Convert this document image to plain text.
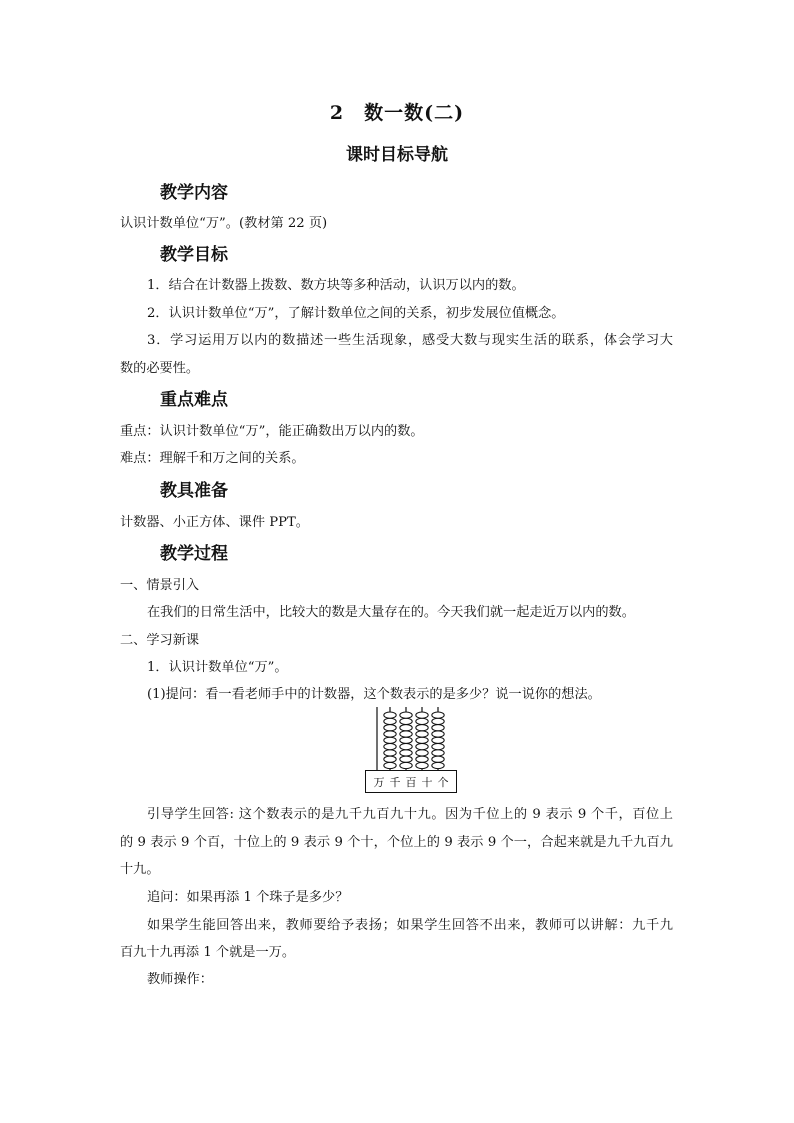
2　数一数(二)
课时目标导航
教学内容
认识计数单位“万”。(教材第 22 页)
教学目标
1．结合在计数器上拨数、数方块等多种活动，认识万以内的数。
2．认识计数单位“万”，了解计数单位之间的关系，初步发展位值概念。
3．学习运用万以内的数描述一些生活现象，感受大数与现实生活的联系，体会学习大
数的必要性。
重点难点
重点：认识计数单位“万”，能正确数出万以内的数。
难点：理解千和万之间的关系。
教具准备
计数器、小正方体、课件 PPT。
教学过程
一、情景引入
在我们的日常生活中，比较大的数是大量存在的。今天我们就一起走近万以内的数。
二、学习新课
1．认识计数单位“万”。
(1)提问：看一看老师手中的计数器，这个数表示的是多少？说一说你的想法。
万 千 百 十 个
引导学生回答: 这个数表示的是九千九百九十九。因为千位上的 9 表示 9 个千，百位上
的 9 表示 9 个百，十位上的 9 表示 9 个十，个位上的 9 表示 9 个一，合起来就是九千九百九
十九。
追问：如果再添 1 个珠子是多少？
如果学生能回答出来，教师要给予表扬；如果学生回答不出来，教师可以讲解：九千九
百九十九再添 1 个就是一万。
教师操作：
